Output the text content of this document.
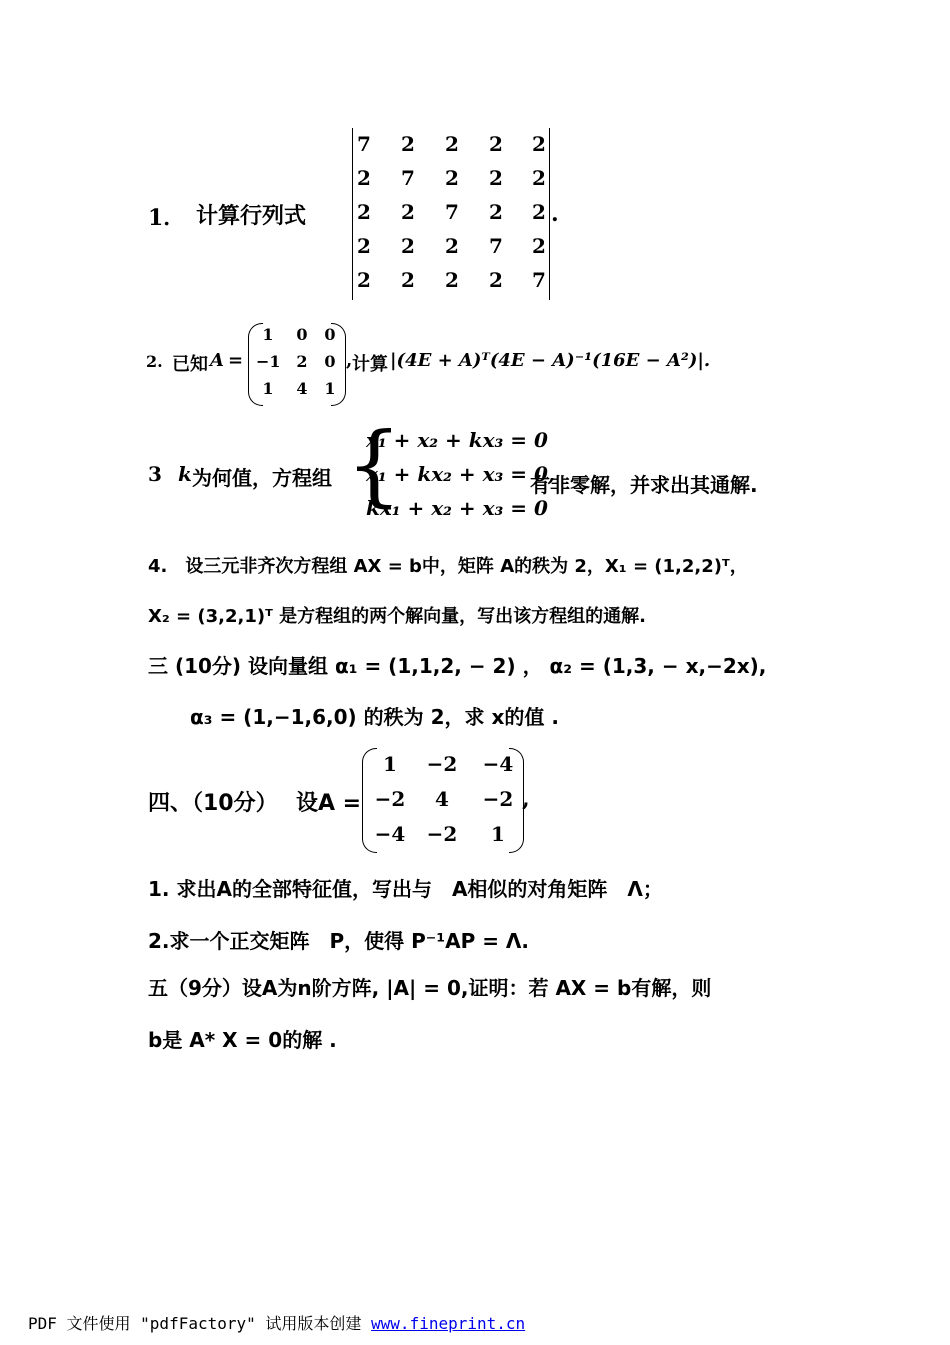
1． 计算行列式
7 2 2 2 2
2 7 2 2 2
2 2 7 2 2
2 2 2 7 2
2 2 2 2 7
.
2. 已知 A =
1	0	0
−1 2	0
1	4	1
, 计算 |(4E + A)ᵀ(4E − A)⁻¹(16E − A²)|.
3 k 为何值，方程组 {
x₁ + x₂ + kx₃ = 0
x₁ + kx₂ + x₃ = 0,
kx₁ + x₂ + x₃ = 0
有非零解，并求出其通解.
4.　设三元非齐次方程组 AX = b中，矩阵 A的秩为 2，X₁ = (1,2,2)ᵀ，
X₂ = (3,2,1)ᵀ 是方程组的两个解向量，写出该方程组的通解.
三 (10分) 设向量组 α₁ = (1,1,2, − 2) ， α₂ = (1,3, − x,−2x),
α₃ = (1,−1,6,0) 的秩为 2，求 x的值 .
四、（10分） 设A =
1	−2 −4
−2	4	−2
−4 −2	1
,
1. 求出A的全部特征值，写出与　A相似的对角矩阵　Λ；
2.求一个正交矩阵　P，使得 P⁻¹AP = Λ.
五（9分）设A为n阶方阵, |A| = 0,证明：若 AX = b有解，则
b是 A* X = 0的解 .
PDF 文件使用 "pdfFactory" 试用版本创建 www.fineprint.cn
